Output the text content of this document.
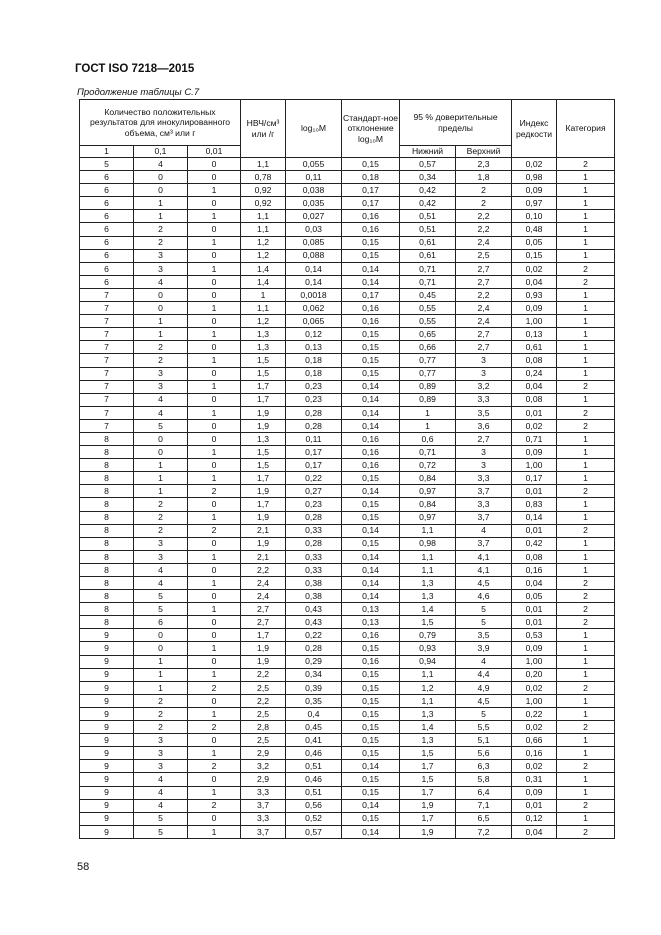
ГОСТ ISO 7218—2015
Продолжение таблицы С.7
Количество положительных результатов для инокулированного объема, см³ или г			НВЧ/см³ или /г	log₁₀M	Стандарт-ное отклонение log₁₀M	95 % доверительные пределы		Индекс редкости	Категория
1	0,1	0,01				Нижний	Верхний		
5	4	0	1,1	0,055	0,15	0,57	2,3	0,02	2
6	0	0	0,78	0,11	0,18	0,34	1,8	0,98	1
6	0	1	0,92	0,038	0,17	0,42	2	0,09	1
6	1	0	0,92	0,035	0,17	0,42	2	0,97	1
6	1	1	1,1	0,027	0,16	0,51	2,2	0,10	1
6	2	0	1,1	0,03	0,16	0,51	2,2	0,48	1
6	2	1	1,2	0,085	0,15	0,61	2,4	0,05	1
6	3	0	1,2	0,088	0,15	0,61	2,5	0,15	1
6	3	1	1,4	0,14	0,14	0,71	2,7	0,02	2
6	4	0	1,4	0,14	0,14	0,71	2,7	0,04	2
7	0	0	1	0,0018	0,17	0,45	2,2	0,93	1
7	0	1	1,1	0,062	0,16	0,55	2,4	0,09	1
7	1	0	1,2	0,065	0,16	0,55	2,4	1,00	1
7	1	1	1,3	0,12	0,15	0,65	2,7	0,13	1
7	2	0	1,3	0,13	0,15	0,66	2,7	0,61	1
7	2	1	1,5	0,18	0,15	0,77	3	0,08	1
7	3	0	1,5	0,18	0,15	0,77	3	0,24	1
7	3	1	1,7	0,23	0,14	0,89	3,2	0,04	2
7	4	0	1,7	0,23	0,14	0,89	3,3	0,08	1
7	4	1	1,9	0,28	0,14	1	3,5	0,01	2
7	5	0	1,9	0,28	0,14	1	3,6	0,02	2
8	0	0	1,3	0,11	0,16	0,6	2,7	0,71	1
8	0	1	1,5	0,17	0,16	0,71	3	0,09	1
8	1	0	1,5	0,17	0,16	0,72	3	1,00	1
8	1	1	1,7	0,22	0,15	0,84	3,3	0,17	1
8	1	2	1,9	0,27	0,14	0,97	3,7	0,01	2
8	2	0	1,7	0,23	0,15	0,84	3,3	0,83	1
8	2	1	1,9	0,28	0,15	0,97	3,7	0,14	1
8	2	2	2,1	0,33	0,14	1,1	4	0,01	2
8	3	0	1,9	0,28	0,15	0,98	3,7	0,42	1
8	3	1	2,1	0,33	0,14	1,1	4,1	0,08	1
8	4	0	2,2	0,33	0,14	1,1	4,1	0,16	1
8	4	1	2,4	0,38	0,14	1,3	4,5	0,04	2
8	5	0	2,4	0,38	0,14	1,3	4,6	0,05	2
8	5	1	2,7	0,43	0,13	1,4	5	0,01	2
8	6	0	2,7	0,43	0,13	1,5	5	0,01	2
9	0	0	1,7	0,22	0,16	0,79	3,5	0,53	1
9	0	1	1,9	0,28	0,15	0,93	3,9	0,09	1
9	1	0	1,9	0,29	0,16	0,94	4	1,00	1
9	1	1	2,2	0,34	0,15	1,1	4,4	0,20	1
9	1	2	2,5	0,39	0,15	1,2	4,9	0,02	2
9	2	0	2,2	0,35	0,15	1,1	4,5	1,00	1
9	2	1	2,5	0,4	0,15	1,3	5	0,22	1
9	2	2	2,8	0,45	0,15	1,4	5,5	0,02	2
9	3	0	2,5	0,41	0,15	1,3	5,1	0,66	1
9	3	1	2,9	0,46	0,15	1,5	5,6	0,16	1
9	3	2	3,2	0,51	0,14	1,7	6,3	0,02	2
9	4	0	2,9	0,46	0,15	1,5	5,8	0,31	1
9	4	1	3,3	0,51	0,15	1,7	6,4	0,09	1
9	4	2	3,7	0,56	0,14	1,9	7,1	0,01	2
9	5	0	3,3	0,52	0,15	1,7	6,5	0,12	1
9	5	1	3,7	0,57	0,14	1,9	7,2	0,04	2
58
